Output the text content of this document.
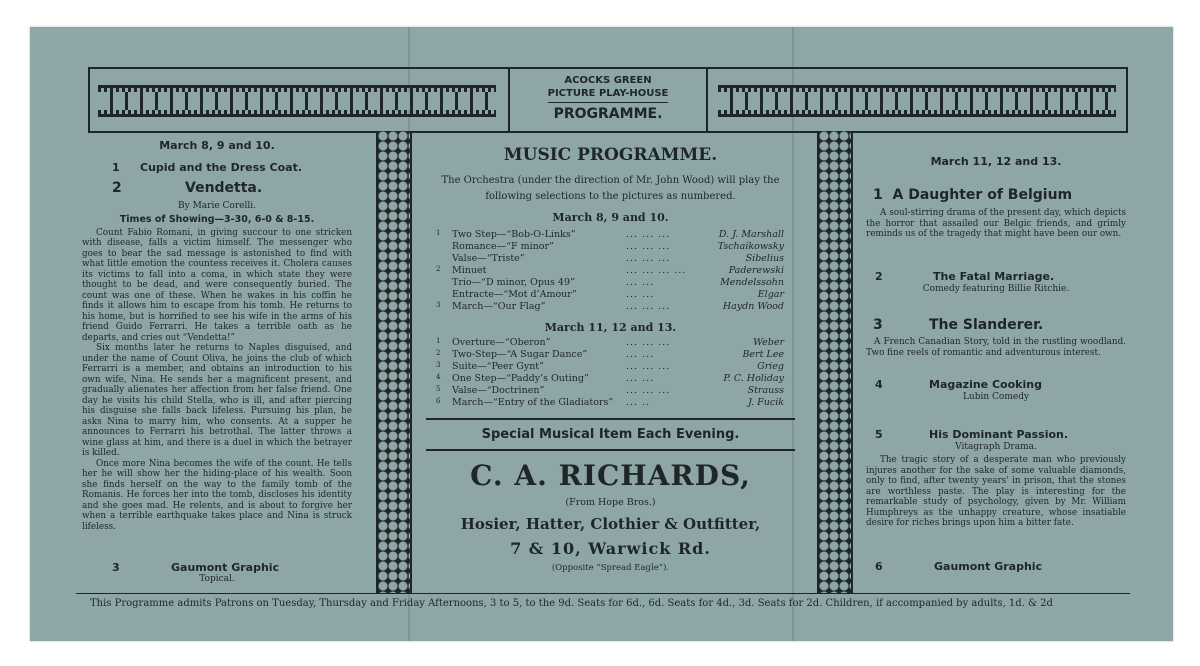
ACOCKS GREEN
PICTURE PLAY-HOUSE
PROGRAMME.
March 8, 9 and 10.
1 Cupid and the Dress Coat.

2	Vendetta.
By Marie Corelli.
Times of Showing—3-30, 6-0 & 8-15.
Count Fabio Romani, in giving succour to one stricken with disease, falls a victim himself. The messenger who goes to bear the sad message is astonished to find with what little emotion the countess receives it. Cholera causes its victims to fall into a coma, in which state they were thought to be dead, and were consequently buried. The count was one of these. When he wakes in his coffin he finds it allows him to escape from his tomb. He returns to his home, but is horrified to see his wife in the arms of his friend Guido Ferrarri. He takes a terrible oath as he departs, and cries out “Vendetta!”
Six months later he returns to Naples disguised, and under the name of Count Oliva, he joins the club of which Ferrarri is a member, and obtains an introduction to his own wife, Nina. He sends her a magnificent present, and gradually alienates her affection from her false friend. One day he visits his child Stella, who is ill, and after piercing his disguise she falls back lifeless. Pursuing his plan, he asks Nina to marry him, who consents. At a supper he announces to Ferrarri his betrothal. The latter throws a wine glass at him, and there is a duel in which the betrayer is killed.
Once more Nina becomes the wife of the count. He tells her he will show her the hiding-place of his wealth. Soon she finds herself on the way to the family tomb of the Romanis. He forces her into the tomb, discloses his identity and she goes mad. He relents, and is about to forgive her when a terrible earthquake takes place and Nina is struck lifeless.
3	Gaumont Graphic
Topical.
MUSIC PROGRAMME.
The Orchestra (under the direction of Mr. John Wood) will play the following selections to the pictures as numbered.
March 8, 9 and 10.
1	Two Step—“Bob-O-Links”	... ... ...	D. J. Marshall
Romance—“F minor”	... ... ...	Tschaikowsky
Valse—“Triste”	... ... ...	Sibelius
2	Minuet	... ... ... ...	Paderewski
Trio—“D minor, Opus 49”	... ...	Mendelssohn
Entracte—“Mot d’Amour”	... ...	Elgar
3	March—“Our Flag”	... ... ...	Haydn Wood
March 11, 12 and 13.
1	Overture—“Oberon”	... ... ...	Weber
2	Two-Step—“A Sugar Dance”	... ...	Bert Lee
3	Suite—“Peer Gynt”	... ... ...	Grieg
4	One Step—“Paddy’s Outing”	... ...	P. C. Holiday
5	Valse—“Doctrinen”	... ... ...	Strauss
6	March—“Entry of the Gladiators” ... ..	J. Fucik
Special Musical Item Each Evening.
C. A. RICHARDS,
(From Hope Bros.)
Hosier, Hatter, Clothier & Outfitter,
7 & 10, Warwick Rd.
(Opposite “Spread Eagle”).
March 11, 12 and 13.
1 A Daughter of Belgium
A soul-stirring drama of the present day, which depicts the horror that assailed our Belgic friends, and grimly reminds us of the tragedy that might have been our own.
2	The Fatal Marriage.
Comedy featuring Billie Ritchie.
3	The Slanderer.
A French Canadian Story, told in the rustling woodland. Two fine reels of romantic and adventurous interest.
4	Magazine Cooking
Lubin Comedy
5	His Dominant Passion.
Vitagraph Drama.
The tragic story of a desperate man who previously injures another for the sake of some valuable diamonds, only to find, after twenty years' in prison, that the stones are worthless paste. The play is interesting for the remarkable study of psychology, given by Mr. William Humphreys as the unhappy creature, whose insatiable desire for riches brings upon him a bitter fate.
6	Gaumont Graphic
This Programme admits Patrons on Tuesday, Thursday and Friday Afternoons, 3 to 5, to the 9d. Seats for 6d., 6d. Seats for 4d., 3d. Seats for 2d. Children, if accompanied by adults, 1d. & 2d
